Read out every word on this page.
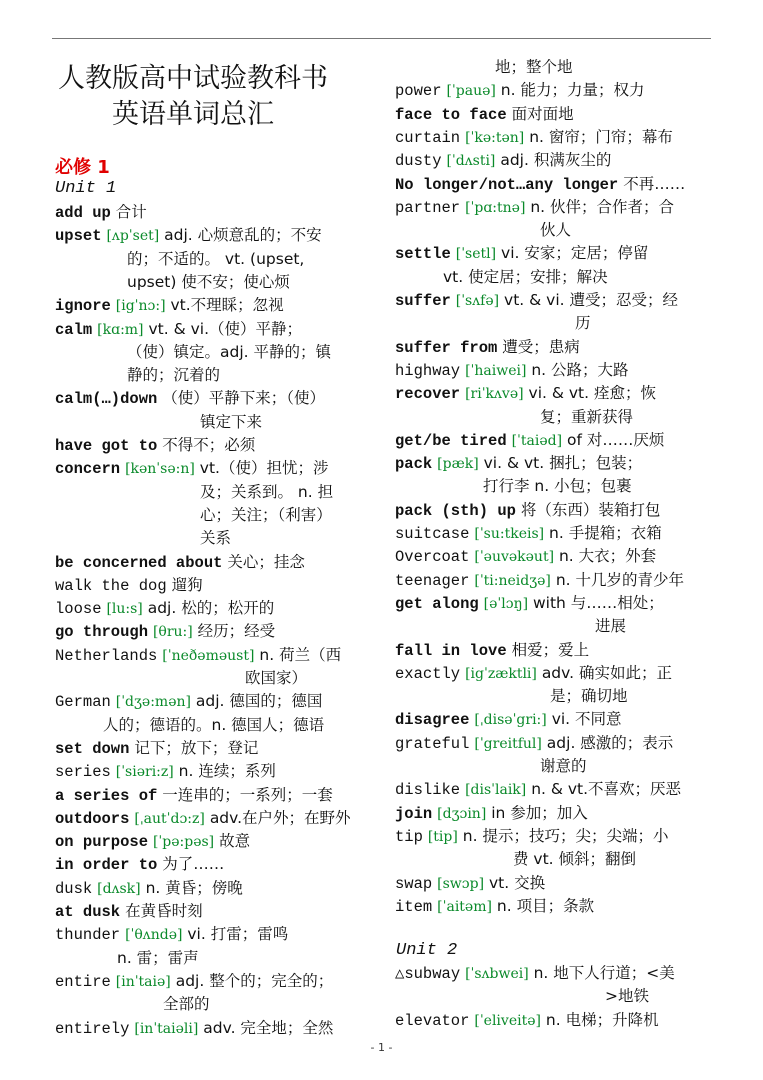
人教版高中试验教科书
英语单词总汇
必修 1
Unit 1
add up 合计
upset [ʌpˈset] adj. 心烦意乱的；不安
的；不适的。 vt. (upset,
upset) 使不安；使心烦
ignore [igˈnɔ:] vt.不理睬；忽视
calm [kɑ:m] vt. & vi.（使）平静；
（使）镇定。adj. 平静的；镇
静的；沉着的
calm(…)down （使）平静下来；（使）
镇定下来
have got to 不得不；必须
concern [kənˈsə:n] vt.（使）担忧；涉
及；关系到。 n. 担
心；关注；（利害）
关系
be concerned about 关心；挂念
walk the dog 遛狗
loose [lu:s] adj. 松的；松开的
go through [θru:] 经历；经受
Netherlands [ˈneðəməust] n. 荷兰（西
欧国家）
German [ˈdʒə:mən] adj. 德国的；德国
人的；德语的。n. 德国人；德语
set down 记下；放下；登记
series [ˈsiəri:z] n. 连续；系列
a series of 一连串的；一系列；一套
outdoors [ˌautˈdɔ:z] adv.在户外；在野外
on purpose [ˈpə:pəs] 故意
in order to 为了……
dusk [dʌsk] n. 黄昏；傍晚
at dusk 在黄昏时刻
thunder [ˈθʌndə] vi. 打雷；雷鸣
n. 雷；雷声
entire [inˈtaiə] adj. 整个的；完全的；
全部的
entirely [inˈtaiəli] adv. 完全地；全然
地；整个地
power [ˈpauə] n. 能力；力量；权力
face to face 面对面地
curtain [ˈkə:tən] n. 窗帘；门帘；幕布
dusty [ˈdʌsti] adj. 积满灰尘的
No longer/not…any longer 不再……
partner [ˈpɑ:tnə] n. 伙伴；合作者；合
伙人
settle [ˈsetl] vi. 安家；定居；停留
vt. 使定居；安排；解决
suffer [ˈsʌfə] vt. & vi. 遭受；忍受；经
历
suffer from 遭受；患病
highway [ˈhaiwei] n. 公路；大路
recover [riˈkʌvə] vi. & vt. 痊愈；恢
复；重新获得
get/be tired [ˈtaiəd] of 对……厌烦
pack [pæk] vi. & vt. 捆扎；包装；
打行李 n. 小包；包裹
pack (sth) up 将（东西）装箱打包
suitcase [ˈsu:tkeis] n. 手提箱；衣箱
Overcoat [ˈəuvəkəut] n. 大衣；外套
teenager [ˈti:neidʒə] n. 十几岁的青少年
get along [əˈlɔŋ] with 与……相处；
进展
fall in love 相爱；爱上
exactly [igˈzæktli] adv. 确实如此；正
是；确切地
disagree [ˌdisəˈgri:] vi. 不同意
grateful [ˈgreitful] adj. 感激的；表示
谢意的
dislike [disˈlaik] n. & vt.不喜欢；厌恶
join [dʒɔin] in 参加；加入
tip [tip] n. 提示；技巧；尖；尖端；小
费 vt. 倾斜；翻倒
swap [swɔp] vt. 交换
item [ˈaitəm] n. 项目；条款
Unit 2
△subway [ˈsʌbwei] n. 地下人行道；<美
>地铁
elevator [ˈeliveitə] n. 电梯；升降机
- 1 -
